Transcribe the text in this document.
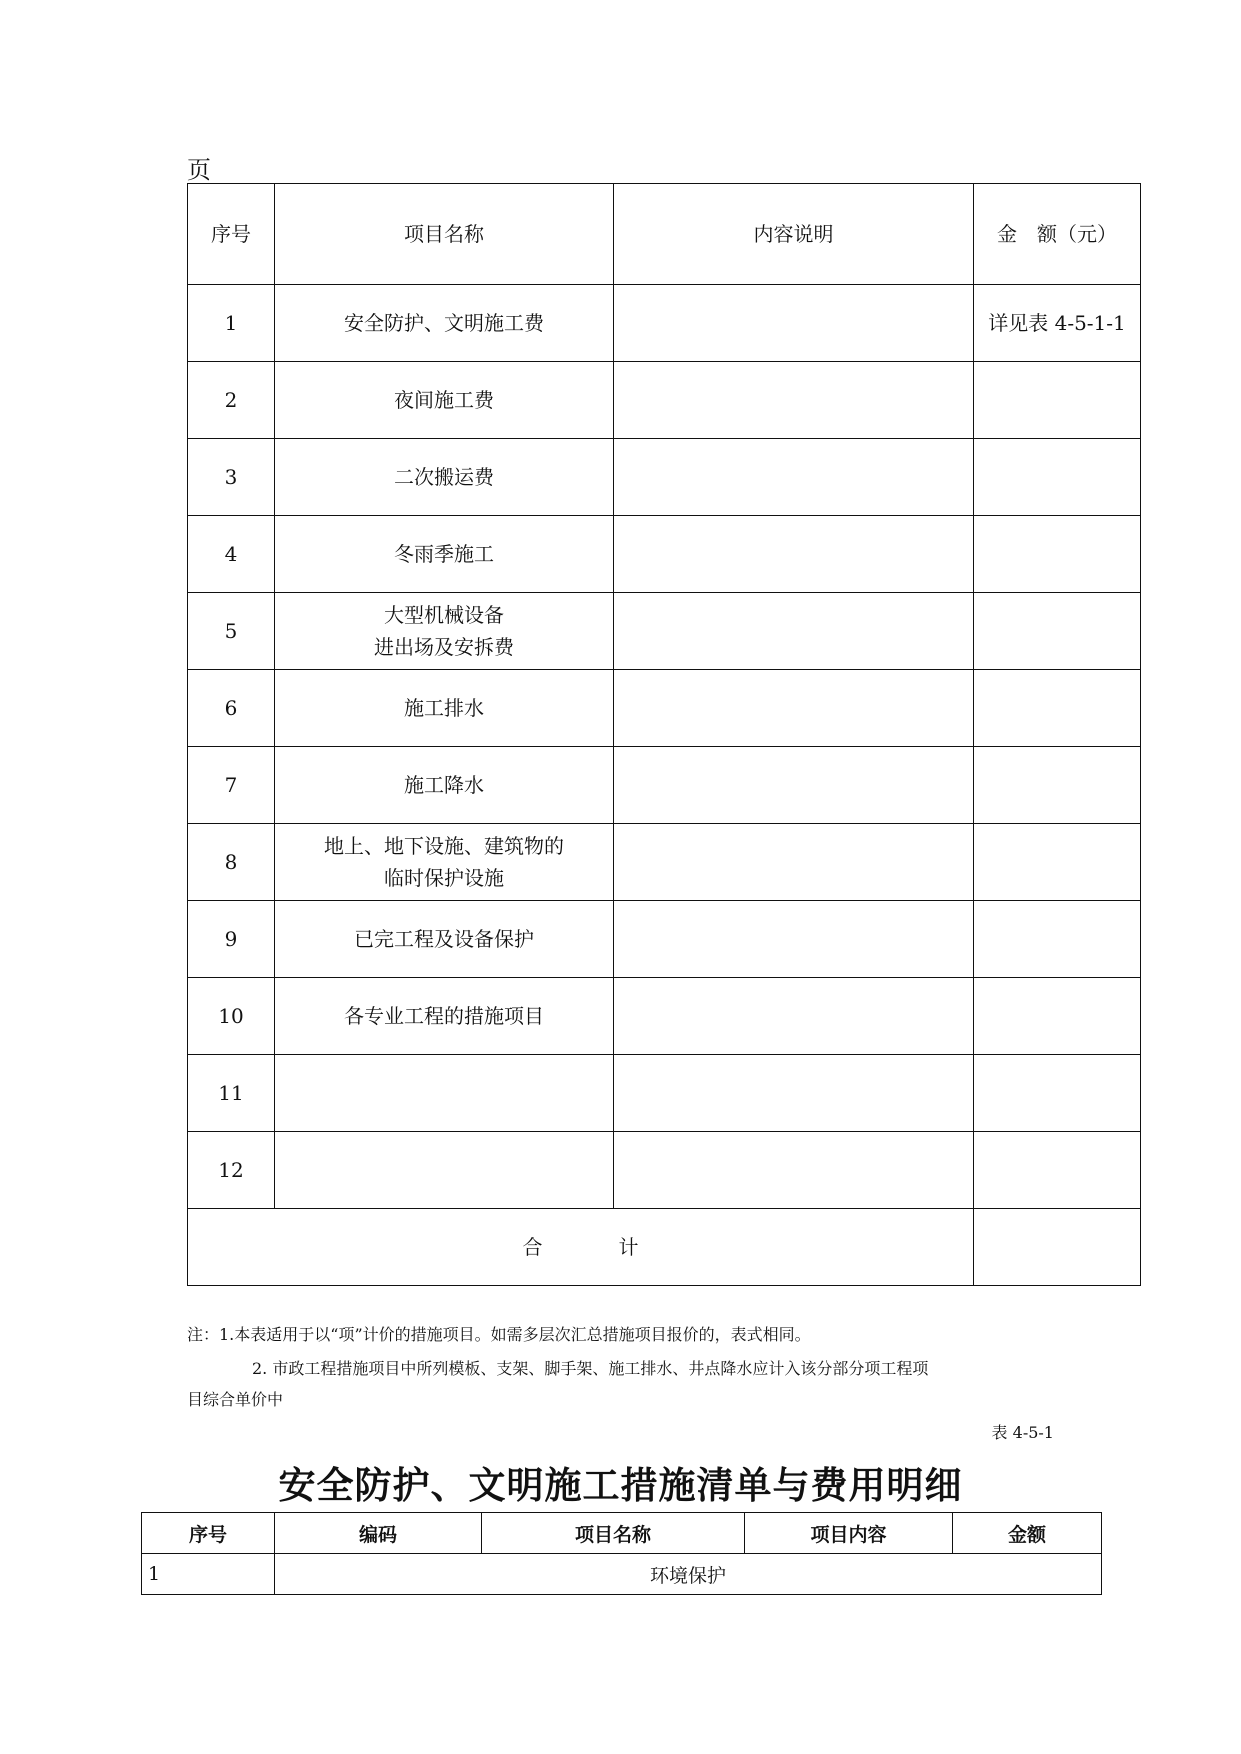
页
序号	项目名称	内容说明	金　额（元）
1	安全防护、文明施工费		详见表 4-5-1-1
2	夜间施工费		

3	二次搬运费		

4	冬雨季施工		

5	大型机械设备
进出场及安拆费		

6	施工排水		

7	施工降水		

8	地上、地下设施、建筑物的
临时保护设施		

9	已完工程及设备保护		

10	各专业工程的措施项目		

11	

12	

合 计			
注：1.本表适用于以“项”计价的措施项目。如需多层次汇总措施项目报价的，表式相同。
2. 市政工程措施项目中所列模板、支架、脚手架、施工排水、井点降水应计入该分部分项工程项
目综合单价中
表 4-5-1
安全防护、文明施工措施清单与费用明细
序号	编码	项目名称	项目内容	金额
1	环境保护			
